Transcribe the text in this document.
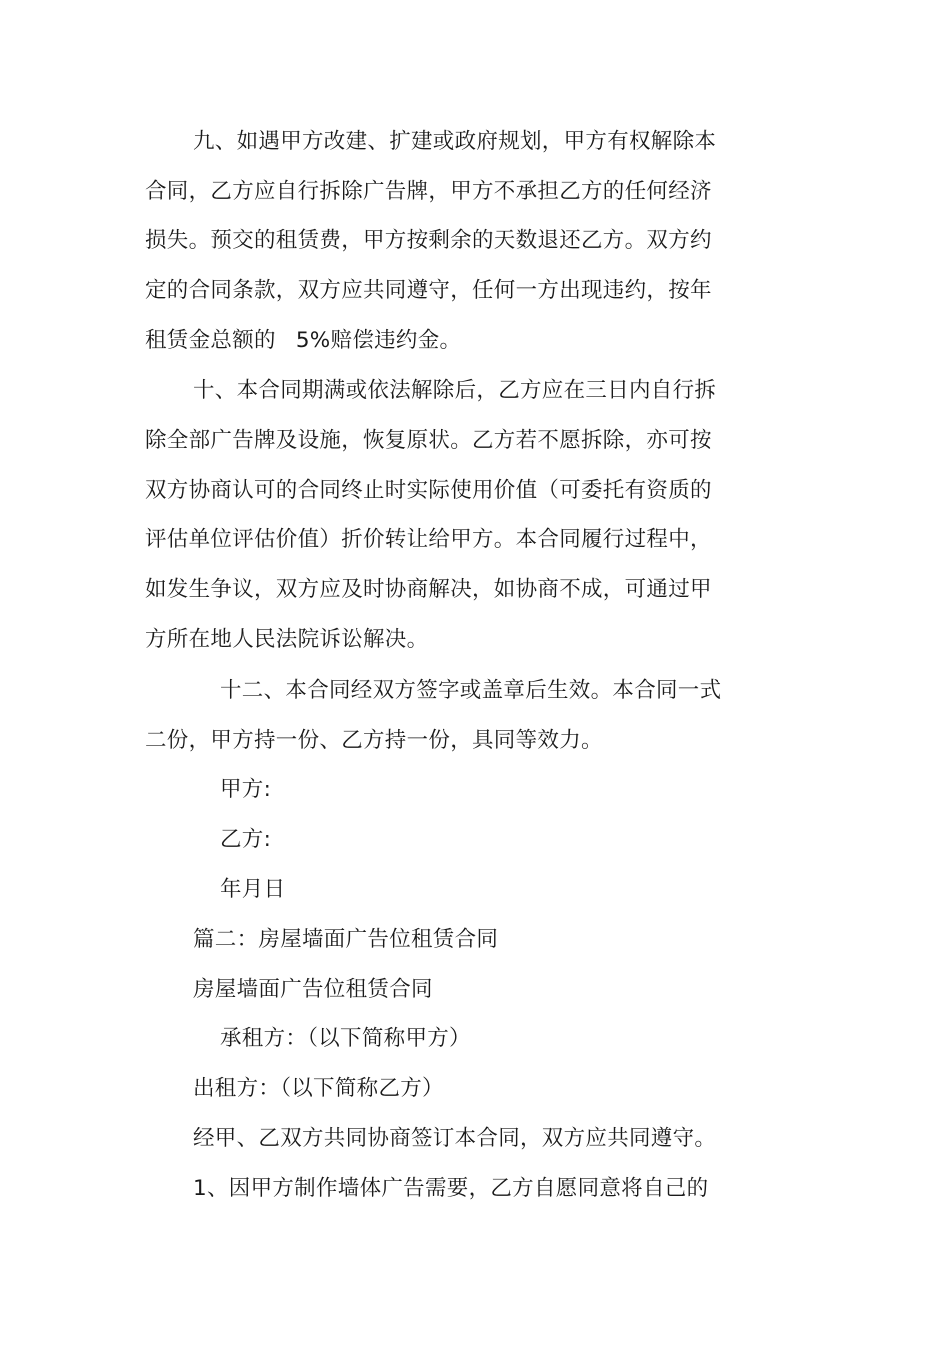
九、如遇甲方改建、扩建或政府规划，甲方有权解除本
合同，乙方应自行拆除广告牌，甲方不承担乙方的任何经济
损失。预交的租赁费，甲方按剩余的天数退还乙方。双方约
定的合同条款，双方应共同遵守，任何一方出现违约，按年
租赁金总额的 5%赔偿违约金。
十、本合同期满或依法解除后，乙方应在三日内自行拆
除全部广告牌及设施，恢复原状。乙方若不愿拆除，亦可按
双方协商认可的合同终止时实际使用价值（可委托有资质的
评估单位评估价值）折价转让给甲方。本合同履行过程中，
如发生争议，双方应及时协商解决，如协商不成，可通过甲
方所在地人民法院诉讼解决。
十二、本合同经双方签字或盖章后生效。本合同一式
二份，甲方持一份、乙方持一份，具同等效力。
甲方:
乙方:
年月日
篇二：房屋墙面广告位租赁合同
房屋墙面广告位租赁合同
承租方：（以下简称甲方）
出租方：（以下简称乙方）
经甲、乙双方共同协商签订本合同，双方应共同遵守。
1、因甲方制作墙体广告需要，乙方自愿同意将自己的
